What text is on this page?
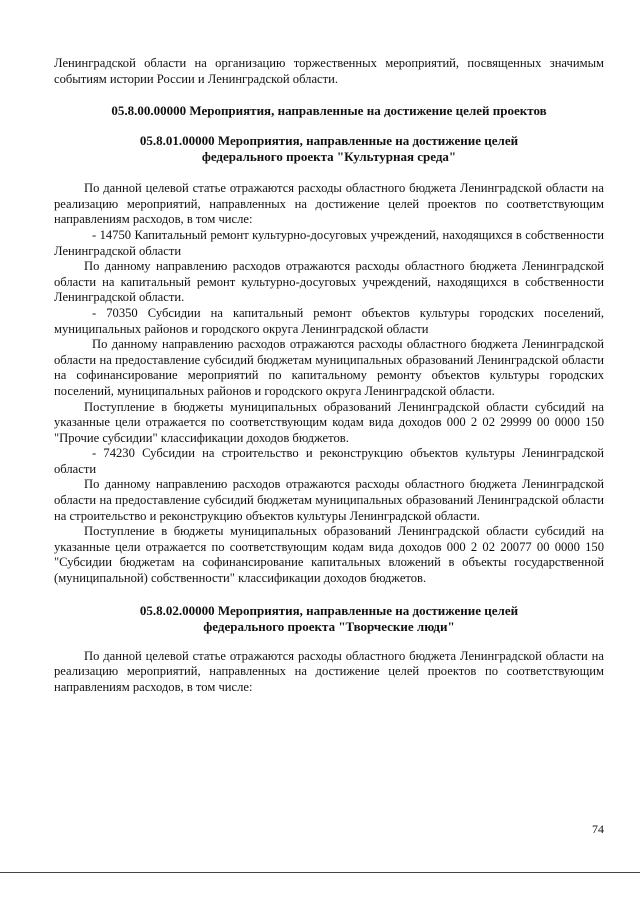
Ленинградской области на организацию торжественных мероприятий, посвященных значимым событиям истории России и Ленинградской области.

05.8.00.00000 Мероприятия, направленные на достижение целей проектов

05.8.01.00000 Мероприятия, направленные на достижение целей

федерального проекта "Культурная среда"

По данной целевой статье отражаются расходы областного бюджета Ленинградской области на реализацию мероприятий, направленных на достижение целей проектов по соответствующим направлениям расходов, в том числе:

- 14750 Капитальный ремонт культурно-досуговых учреждений, находящихся в собственности Ленинградской области

По данному направлению расходов отражаются расходы областного бюджета Ленинградской области на капитальный ремонт культурно-досуговых учреждений, находящихся в собственности Ленинградской области.

- 70350 Субсидии на капитальный ремонт объектов культуры городских поселений, муниципальных районов и городского округа Ленинградской области

По данному направлению расходов отражаются расходы областного бюджета Ленинградской области на предоставление субсидий бюджетам муниципальных образований Ленинградской области на софинансирование мероприятий по капитальному ремонту объектов культуры городских поселений, муниципальных районов и городского округа Ленинградской области.

Поступление в бюджеты муниципальных образований Ленинградской области субсидий на указанные цели отражается по соответствующим кодам вида доходов 000 2 02 29999 00 0000 150 "Прочие субсидии" классификации доходов бюджетов.

- 74230 Субсидии на строительство и реконструкцию объектов культуры Ленинградской области

По данному направлению расходов отражаются расходы областного бюджета Ленинградской области на предоставление субсидий бюджетам муниципальных образований Ленинградской области на строительство и реконструкцию объектов культуры Ленинградской области.

Поступление в бюджеты муниципальных образований Ленинградской области субсидий на указанные цели отражается по соответствующим кодам вида доходов 000 2 02 20077 00 0000 150 "Субсидии бюджетам на софинансирование капитальных вложений в объекты государственной (муниципальной) собственности" классификации доходов бюджетов.

05.8.02.00000 Мероприятия, направленные на достижение целей

федерального проекта "Творческие люди"

По данной целевой статье отражаются расходы областного бюджета Ленинградской области на реализацию мероприятий, направленных на достижение целей проектов по соответствующим направлениям расходов, в том числе:

74
